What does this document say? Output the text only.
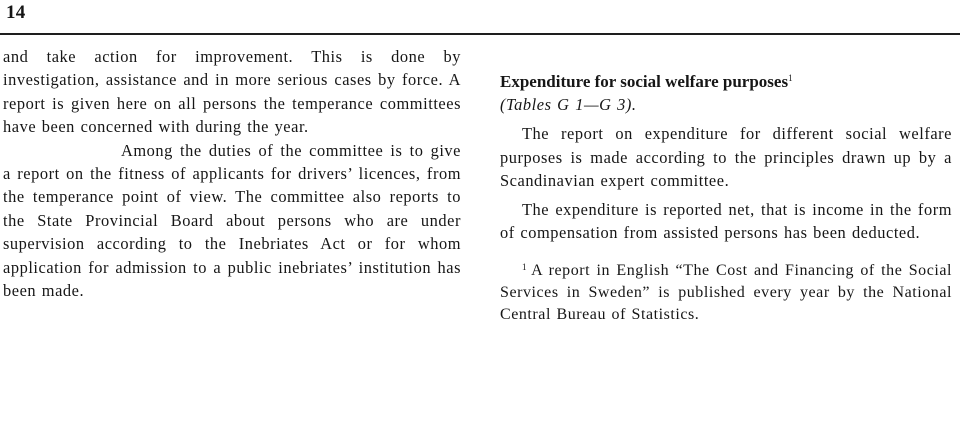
14

and take action for improvement. This is done by investigation, assistance and in more serious cases by force. A report is given here on all persons the temperance committees have been concerned with during the year.

Among the duties of the committee is to give a report on the fitness of applicants for drivers’ licences, from the temperance point of view. The committee also reports to the State Provincial Board about persons who are under supervision according to the Inebriates Act or for whom application for admission to a public inebriates’ institution has been made.

Expenditure for social welfare purposes$^1$

(Tables G 1—G 3).

The report on expenditure for different social welfare purposes is made according to the principles drawn up by a Scandinavian expert committee.

The expenditure is reported net, that is income in the form of compensation from assisted persons has been deducted.

$^1$ A report in English “The Cost and Financing of the Social Services in Sweden” is published every year by the National Central Bureau of Statistics.
